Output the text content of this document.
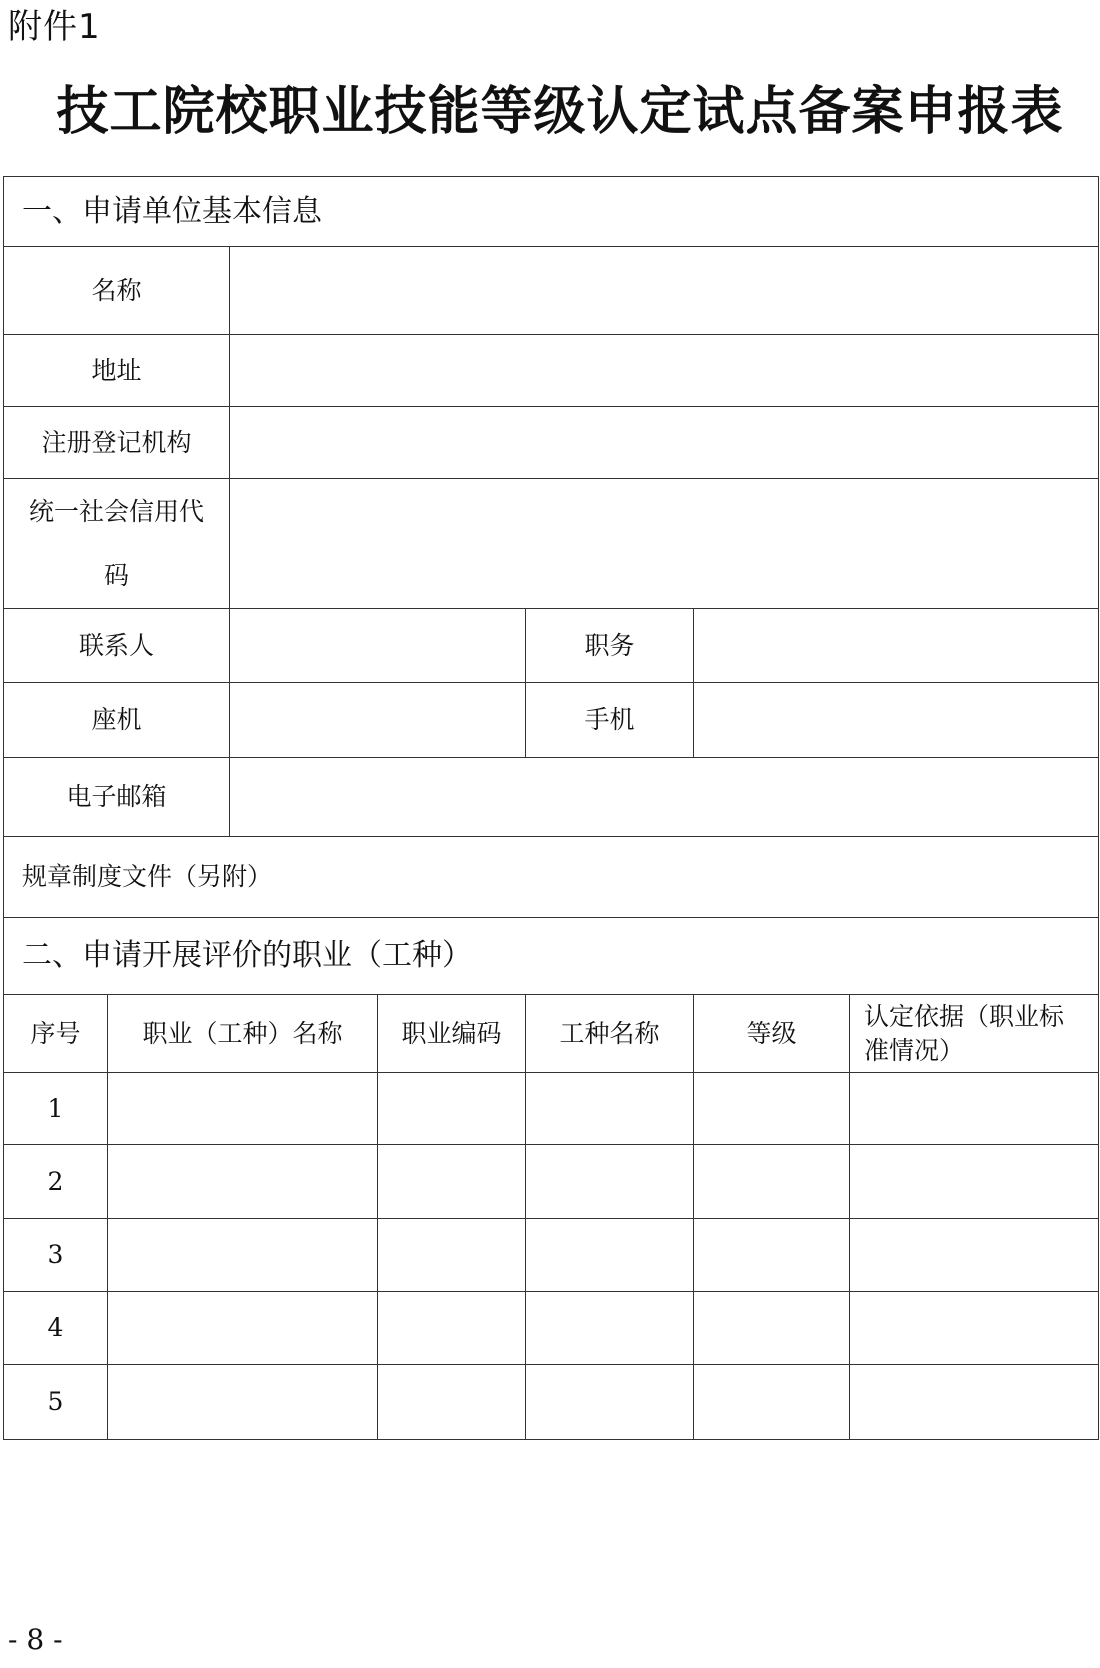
附件1
技工院校职业技能等级认定试点备案申报表
一、申请单位基本信息						
名称						
地址						
注册登记机构						
统一社会信用代码						
联系人				职务		
座机				手机		
电子邮箱						
规章制度文件（另附）						
二、申请开展评价的职业（工种）						
序号	职业（工种）名称		职业编码	工种名称	等级	认定依据（职业标准情况）
1						
2						
3						
4						
5						
- 8 -
